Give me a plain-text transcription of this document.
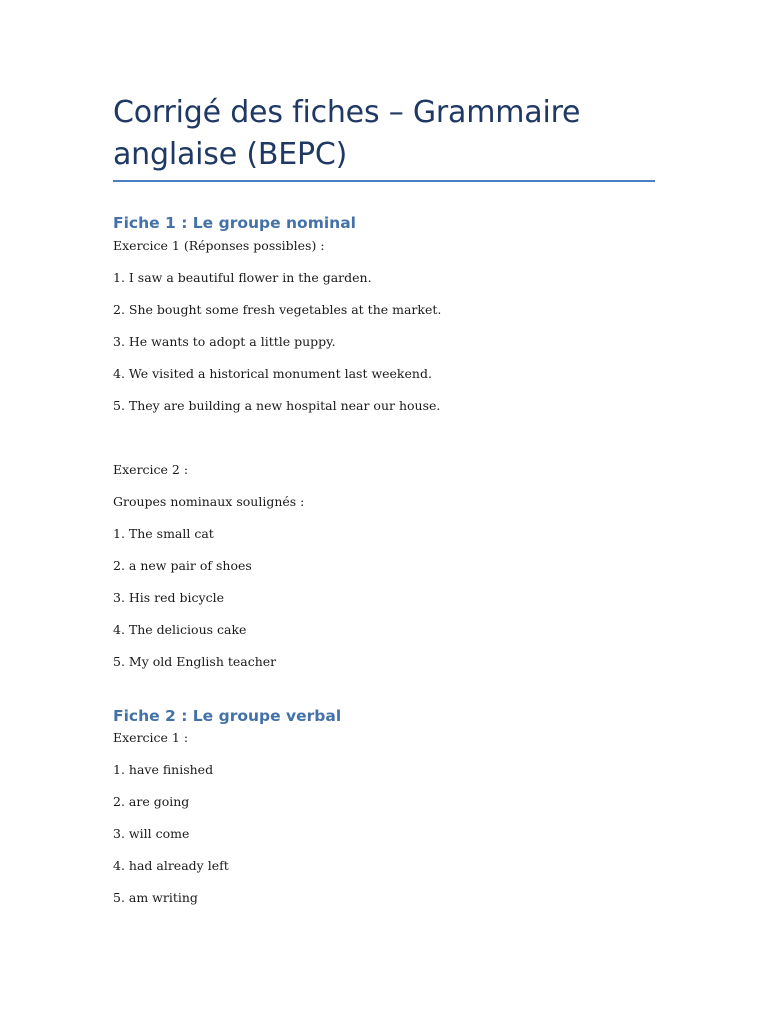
Corrigé des fiches – Grammaire anglaise (BEPC)
Fiche 1 : Le groupe nominal

Exercice 1 (Réponses possibles) :

1. I saw a beautiful flower in the garden.

2. She bought some fresh vegetables at the market.

3. He wants to adopt a little puppy.

4. We visited a historical monument last weekend.

5. They are building a new hospital near our house.

Exercice 2 :

Groupes nominaux soulignés :

1. The small cat

2. a new pair of shoes

3. His red bicycle

4. The delicious cake

5. My old English teacher

Fiche 2 : Le groupe verbal

Exercice 1 :

1. have finished

2. are going

3. will come

4. had already left

5. am writing
